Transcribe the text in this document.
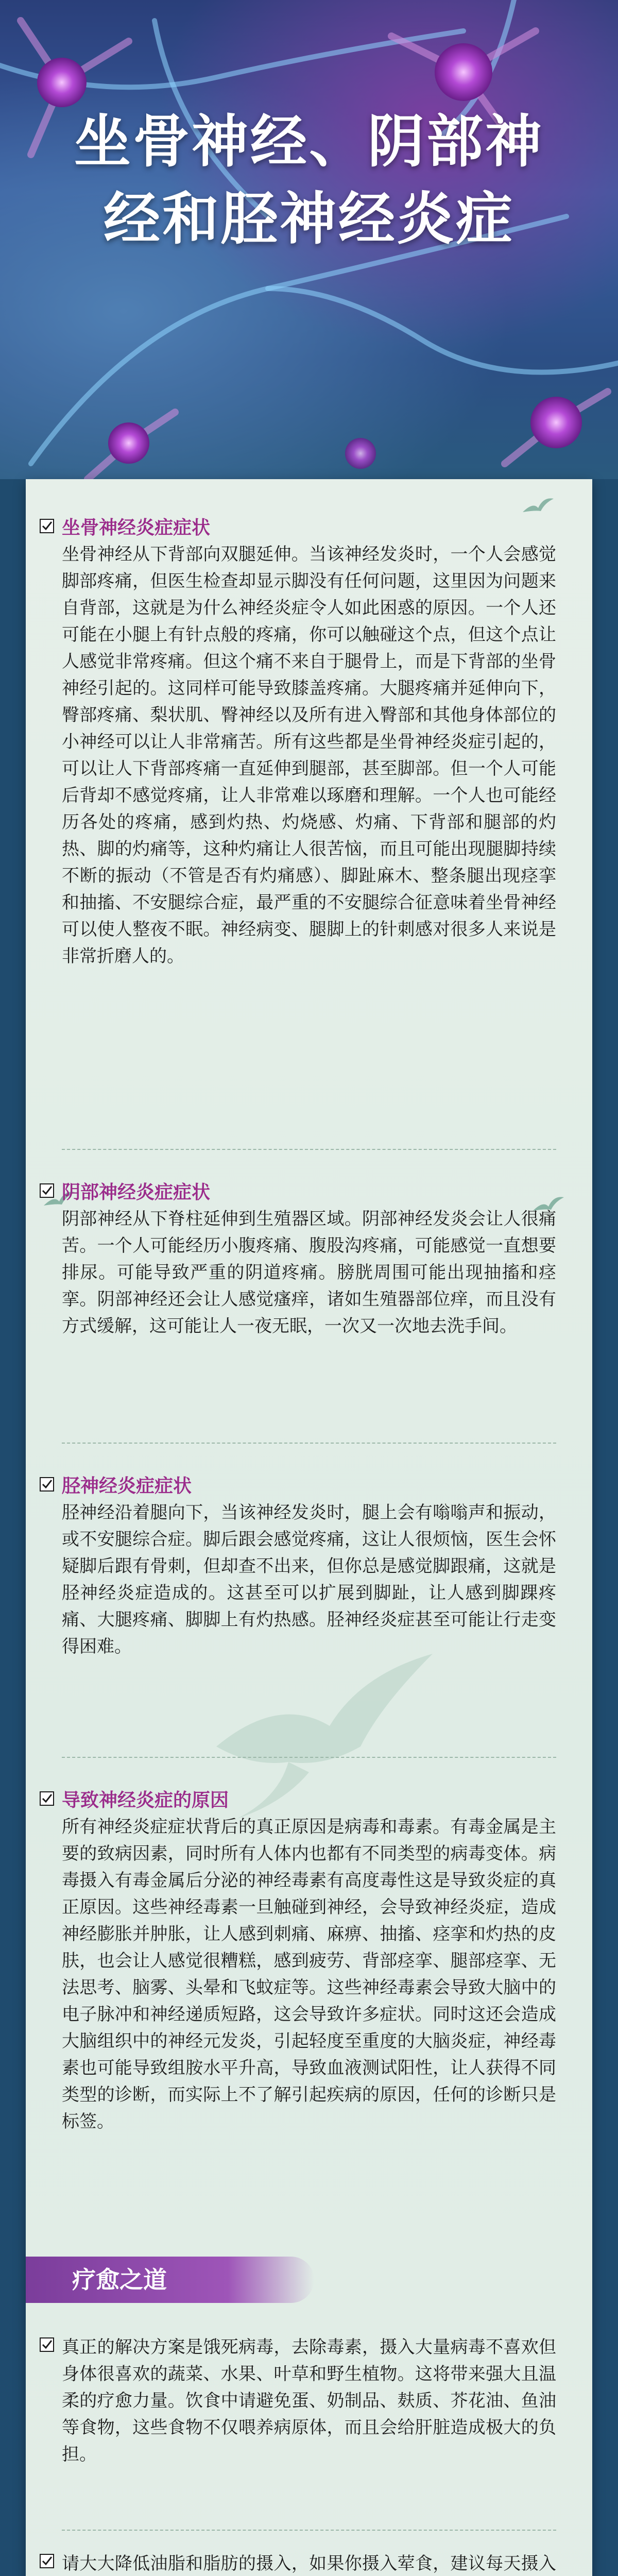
坐骨神经、阴部神
经和胫神经炎症
坐骨神经炎症症状
坐骨神经从下背部向双腿延伸。当该神经发炎时，一个人会感觉脚部疼痛，但医生检查却显示脚没有任何问题，这里因为问题来自背部，这就是为什么神经炎症令人如此困惑的原因。一个人还可能在小腿上有针点般的疼痛，你可以触碰这个点，但这个点让人感觉非常疼痛。但这个痛不来自于腿骨上，而是下背部的坐骨神经引起的。这同样可能导致膝盖疼痛。大腿疼痛并延伸向下，臀部疼痛、梨状肌、臀神经以及所有进入臀部和其他身体部位的小神经可以让人非常痛苦。所有这些都是坐骨神经炎症引起的，可以让人下背部疼痛一直延伸到腿部，甚至脚部。但一个人可能后背却不感觉疼痛，让人非常难以琢磨和理解。一个人也可能经历各处的疼痛，感到灼热、灼烧感、灼痛、下背部和腿部的灼热、脚的灼痛等，这种灼痛让人很苦恼，而且可能出现腿脚持续不断的振动（不管是否有灼痛感）、脚趾麻木、整条腿出现痉挛和抽搐、不安腿综合症，最严重的不安腿综合征意味着坐骨神经可以使人整夜不眠。神经病变、腿脚上的针刺感对很多人来说是非常折磨人的。
阴部神经炎症症状
阴部神经从下脊柱延伸到生殖器区域。阴部神经发炎会让人很痛苦。一个人可能经历小腹疼痛、腹股沟疼痛，可能感觉一直想要排尿。可能导致严重的阴道疼痛。膀胱周围可能出现抽搐和痉挛。阴部神经还会让人感觉瘙痒，诸如生殖器部位痒，而且没有方式缓解，这可能让人一夜无眠，一次又一次地去洗手间。
胫神经炎症症状
胫神经沿着腿向下，当该神经发炎时，腿上会有嗡嗡声和振动，或不安腿综合症。脚后跟会感觉疼痛，这让人很烦恼，医生会怀疑脚后跟有骨刺，但却查不出来，但你总是感觉脚跟痛，这就是胫神经炎症造成的。这甚至可以扩展到脚趾，让人感到脚踝疼痛、大腿疼痛、脚脚上有灼热感。胫神经炎症甚至可能让行走变得困难。
导致神经炎症的原因
所有神经炎症症状背后的真正原因是病毒和毒素。有毒金属是主要的致病因素，同时所有人体内也都有不同类型的病毒变体。病毒摄入有毒金属后分泌的神经毒素有高度毒性这是导致炎症的真正原因。这些神经毒素一旦触碰到神经，会导致神经炎症，造成神经膨胀并肿胀，让人感到刺痛、麻痹、抽搐、痉挛和灼热的皮肤，也会让人感觉很糟糕，感到疲劳、背部痉挛、腿部痉挛、无法思考、脑雾、头晕和飞蚊症等。这些神经毒素会导致大脑中的电子脉冲和神经递质短路，这会导致许多症状。同时这还会造成大脑组织中的神经元发炎，引起轻度至重度的大脑炎症，神经毒素也可能导致组胺水平升高，导致血液测试阳性，让人获得不同类型的诊断，而实际上不了解引起疾病的原因，任何的诊断只是标签。
疗愈之道
真正的解决方案是饿死病毒，去除毒素，摄入大量病毒不喜欢但身体很喜欢的蔬菜、水果、叶草和野生植物。这将带来强大且温柔的疗愈力量。饮食中请避免蛋、奶制品、麸质、芥花油、鱼油等食物，这些食物不仅喂养病原体，而且会给肝脏造成极大的负担。
请大大降低油脂和脂肪的摄入，如果你摄入荤食，建议每天摄入
